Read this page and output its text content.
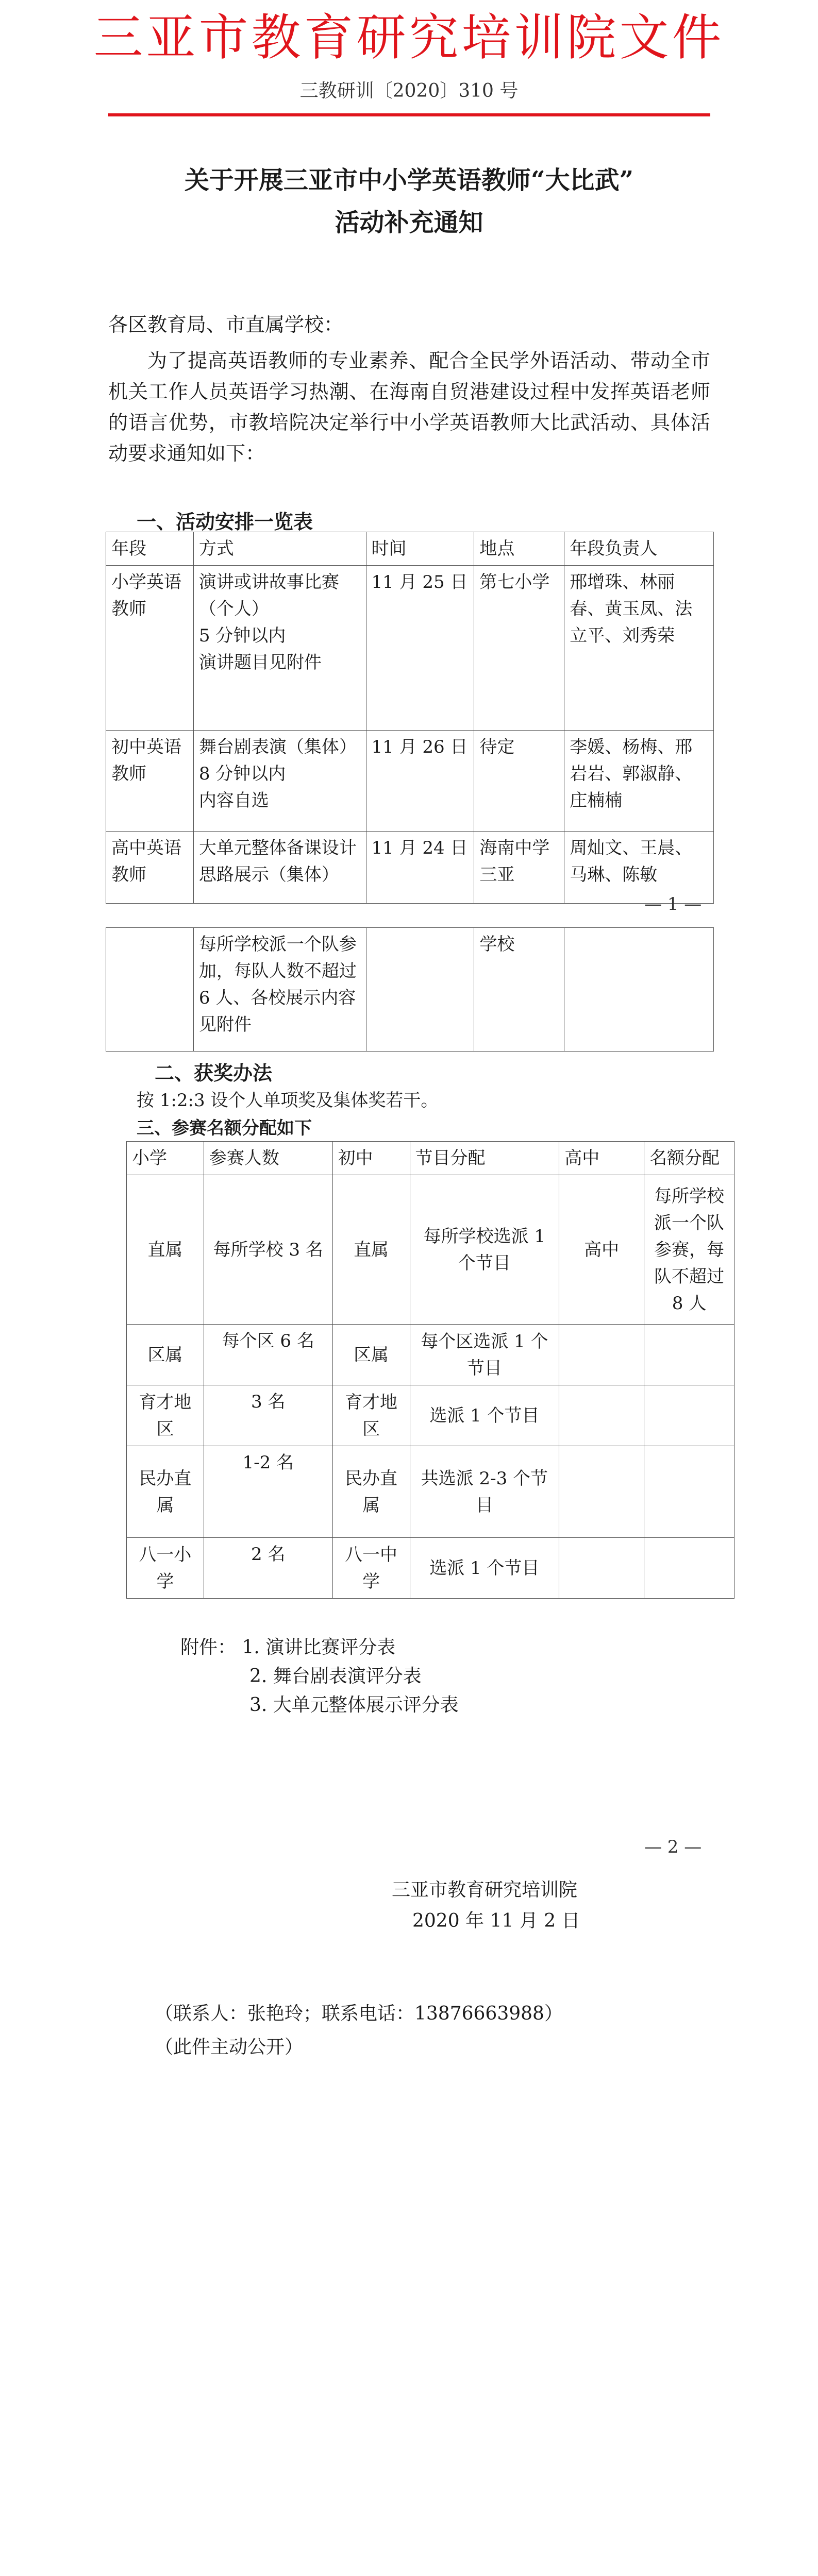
三亚市教育研究培训院文件
三教研训〔2020〕310 号
关于开展三亚市中小学英语教师“大比武”
活动补充通知
各区教育局、市直属学校：
为了提高英语教师的专业素养、配合全民学外语活动、带动全市机关工作人员英语学习热潮、在海南自贸港建设过程中发挥英语老师的语言优势，市教培院决定举行中小学英语教师大比武活动、具体活动要求通知如下：
一、活动安排一览表
年段	方式	时间	地点	年段负责人
小学英语教师	演讲或讲故事比赛（个人）
5 分钟以内
演讲题目见附件	11 月 25 日	第七小学	邢增珠、林丽春、黄玉凤、法立平、刘秀荣
初中英语教师	舞台剧表演（集体）8 分钟以内
内容自选	11 月 26 日	待定	李媛、杨梅、邢岩岩、郭淑静、庄楠楠
高中英语教师	大单元整体备课设计思路展示（集体）	11 月 24 日	海南中学三亚	周灿文、王晨、马琳、陈敏
— 1 —
	每所学校派一个队参加，每队人数不超过 6 人、各校展示内容见附件		学校	
二、获奖办法
按 1:2:3 设个人单项奖及集体奖若干。
三、参赛名额分配如下
小学	参赛人数	初中	节目分配	高中	名额分配
直属	每所学校 3 名	直属	每所学校选派 1 个节目	高中	每所学校派一个队参赛，每队不超过 8 人
区属	每个区 6 名	区属	每个区选派 1 个节目		
育才地区	3 名	育才地区	选派 1 个节目		
民办直属	1-2 名	民办直属	共选派 2-3 个节目		
八一小学	2 名	八一中学	选派 1 个节目		
附件： 1. 演讲比赛评分表
2. 舞台剧表演评分表
3. 大单元整体展示评分表
— 2 —
三亚市教育研究培训院
2020 年 11 月 2 日
（联系人：张艳玲；联系电话：13876663988）
（此件主动公开）
